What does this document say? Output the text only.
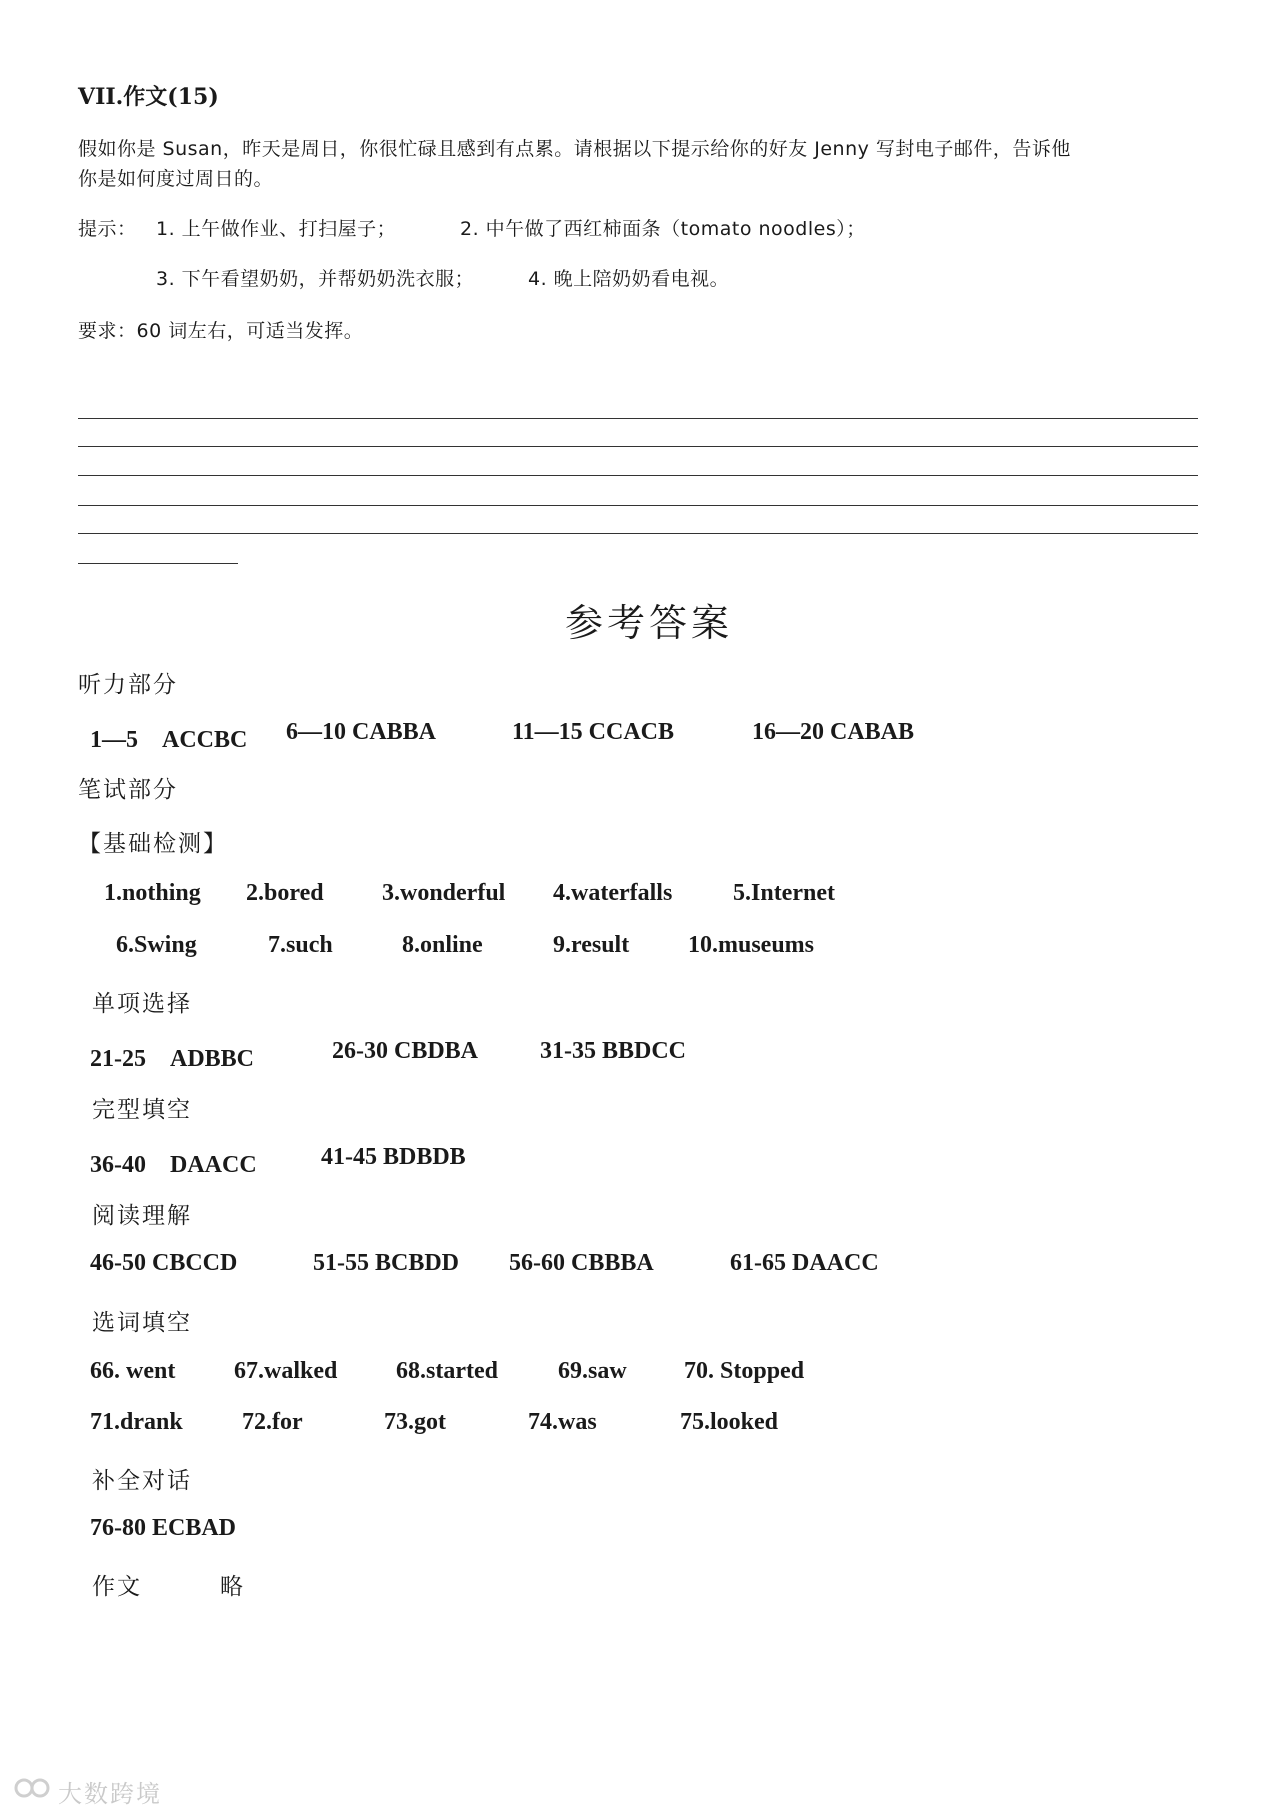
VII.作文(15)
假如你是 Susan，昨天是周日，你很忙碌且感到有点累。请根据以下提示给你的好友 Jenny 写封电子邮件，告诉他
你是如何度过周日的。
提示： 1. 上午做作业、打扫屋子；	2. 中午做了西红柿面条（tomato noodles）；
3. 下午看望奶奶，并帮奶奶洗衣服；	4. 晚上陪奶奶看电视。
要求：60 词左右，可适当发挥。
参考答案
听力部分
1—5　ACCBC 6—10 CABBA	11—15 CCACB	16—20 CABAB
笔试部分
【基础检测】
1.nothing 2.bored 3.wonderful 4.waterfalls	5.Internet
6.Swing	7.such	8.online	9.result 10.museums
单项选择
21-25　ADBBC	26-30 CBDBA	31-35 BBDCC
完型填空
36-40　DAACC	41-45 BDBDB
阅读理解
46-50 CBCCD	51-55 BCBDD 56-60 CBBBA	61-65 DAACC
选词填空
66. went 67.walked 68.started	69.saw 70. Stopped
71.drank 72.for	73.got	74.was	75.looked
补全对话
76-80 ECBAD
作文	略
大数跨境
